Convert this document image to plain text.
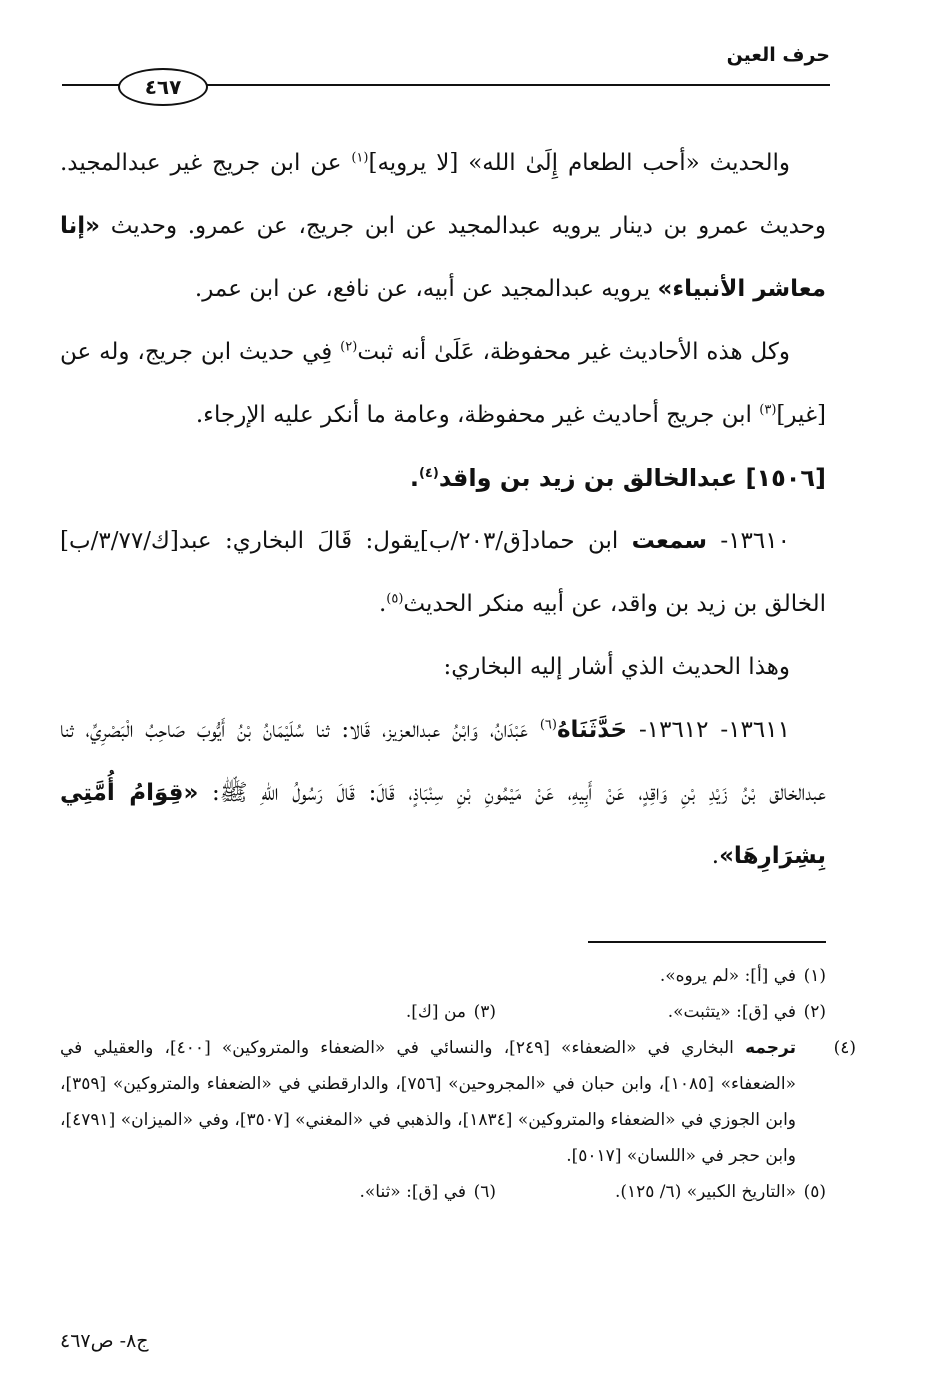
حرف العين
٤٦٧

والحديث «أحب الطعام إِلَىٰ الله» [لا يرويه]$^{(١)}$ عن ابن جريج غير عبدالمجيد. وحديث عمرو بن دينار يرويه عبدالمجيد عن ابن جريج، عن عمرو. وحديث «إنا معاشر الأنبياء» يرويه عبدالمجيد عن أبيه، عن نافع، عن ابن عمر.

وكل هذه الأحاديث غير محفوظة، عَلَىٰ أنه ثبت$^{(٢)}$ فِي حديث ابن جريج، وله عن [غير]$^{(٣)}$ ابن جريج أحاديث غير محفوظة، وعامة ما أنكر عليه الإرجاء.

[١٥٠٦] عبدالخالق بن زيد بن واقد$^{(٤)}$.

١٣٦١٠- سمعت ابن حماد[ق/٢٠٣/ب]يقول: قَالَ البخاري: عبد[ك/٣/٧٧/ب] الخالق بن زيد بن واقد، عن أبيه منكر الحديث$^{(٥)}$.

وهذا الحديث الذي أشار إليه البخاري:

١٣٦١١- ١٣٦١٢- حَدَّثَنَاهُ$^{(٦)}$ عَبْدَانُ، وَابْنُ عبدالعزيز، قَالا: ثنا سُلَيْمَانُ بْنُ أَيُّوبَ صَاحِبُ الْبَصْرِيِّ، ثنا عبدالخالق بْنُ زَيْدِ بْنِ وَاقِدٍ، عَنْ أَبِيهِ، عَنْ مَيْمُونِ بْنِ سِنْبَاذٍ، قَالَ: قَالَ رَسُولُ اللهِ ﷺ: «قِوَامُ أُمَّتِي بِشِرَارِهَا».

(١)في [أ]: «لم يروه».

(٢)في [ق]: «يتثبت».
(٣)من [ك].

(٤)ترجمه البخاري في «الضعفاء» [٢٤٩]، والنسائي في «الضعفاء والمتروكين» [٤٠٠]، والعقيلي في «الضعفاء» [١٠٨٥]، وابن حبان في «المجروحين» [٧٥٦]، والدارقطني في «الضعفاء والمتروكين» [٣٥٩]، وابن الجوزي في «الضعفاء والمتروكين» [١٨٣٤]، والذهبي في «المغني» [٣٥٠٧]، وفي «الميزان» [٤٧٩١]، وابن حجر في «اللسان» [٥٠١٧].

(٥)«التاريخ الكبير» (٦/ ١٢٥).
(٦)في [ق]: «ثنا».
ج٨- ص٤٦٧
